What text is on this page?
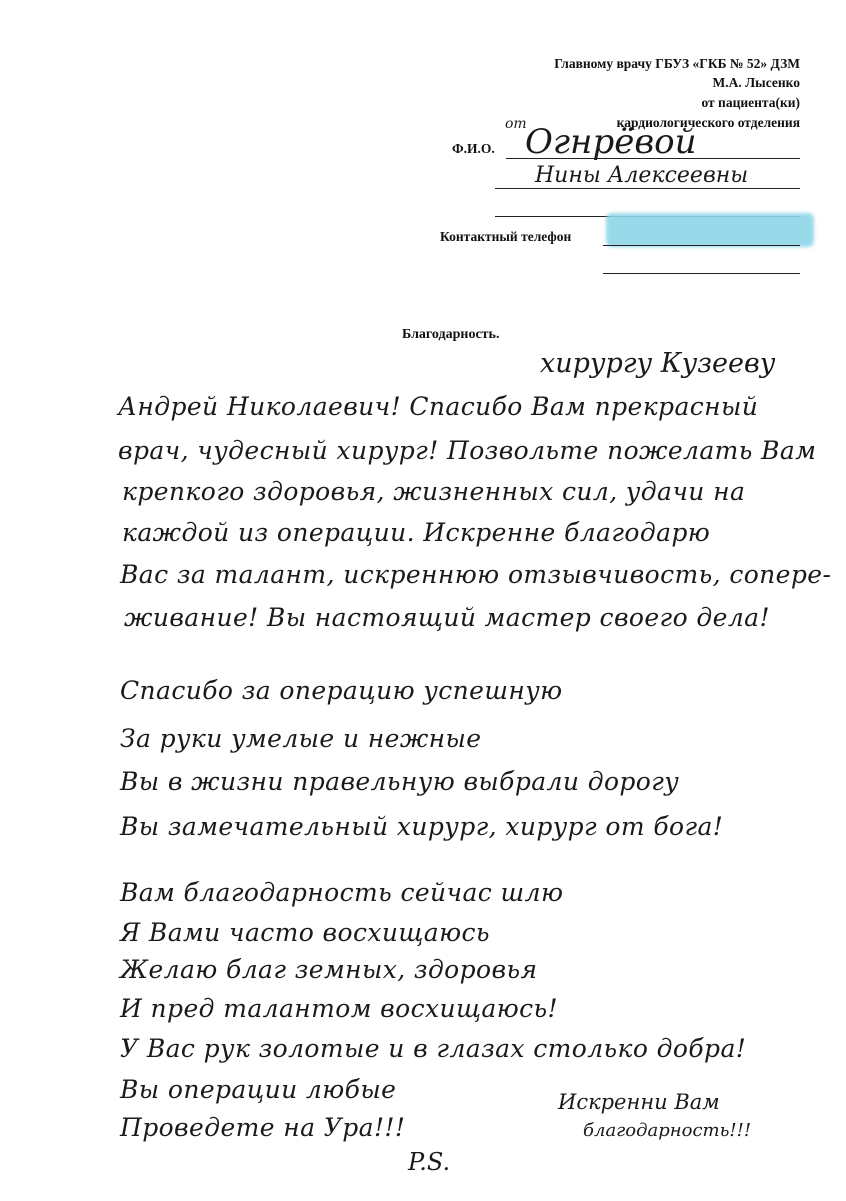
Главному врачу ГБУЗ «ГКБ № 52» ДЗМ
М.А. Лысенко
от пациента(ки)
кардиологического отделения
Ф.И.О.
от
Огнрёвой
Нины Алексеевны
Контактный телефон
Благодарность.
хирургу Кузееву
Андрей Николаевич! Спасибо Вам прекрасный
врач, чудесный хирург! Позвольте пожелать Вам
крепкого здоровья, жизненных сил, удачи на
каждой из операции. Искренне благодарю
Вас за талант, искреннюю отзывчивость, сопере-
живание! Вы настоящий мастер своего дела!
Спасибо за операцию успешную
За руки умелые и нежные
Вы в жизни правельную выбрали дорогу
Вы замечательный хирург, хирург от бога!
Вам благодарность сейчас шлю
Я Вами часто восхищаюсь
Желаю благ земных, здоровья
И пред талантом восхищаюсь!
У Вас рук золотые и в глазах столько добра!
Вы операции любые
Проведете на Ура!!!
Искренни Вам
благодарность!!!
P.S.
